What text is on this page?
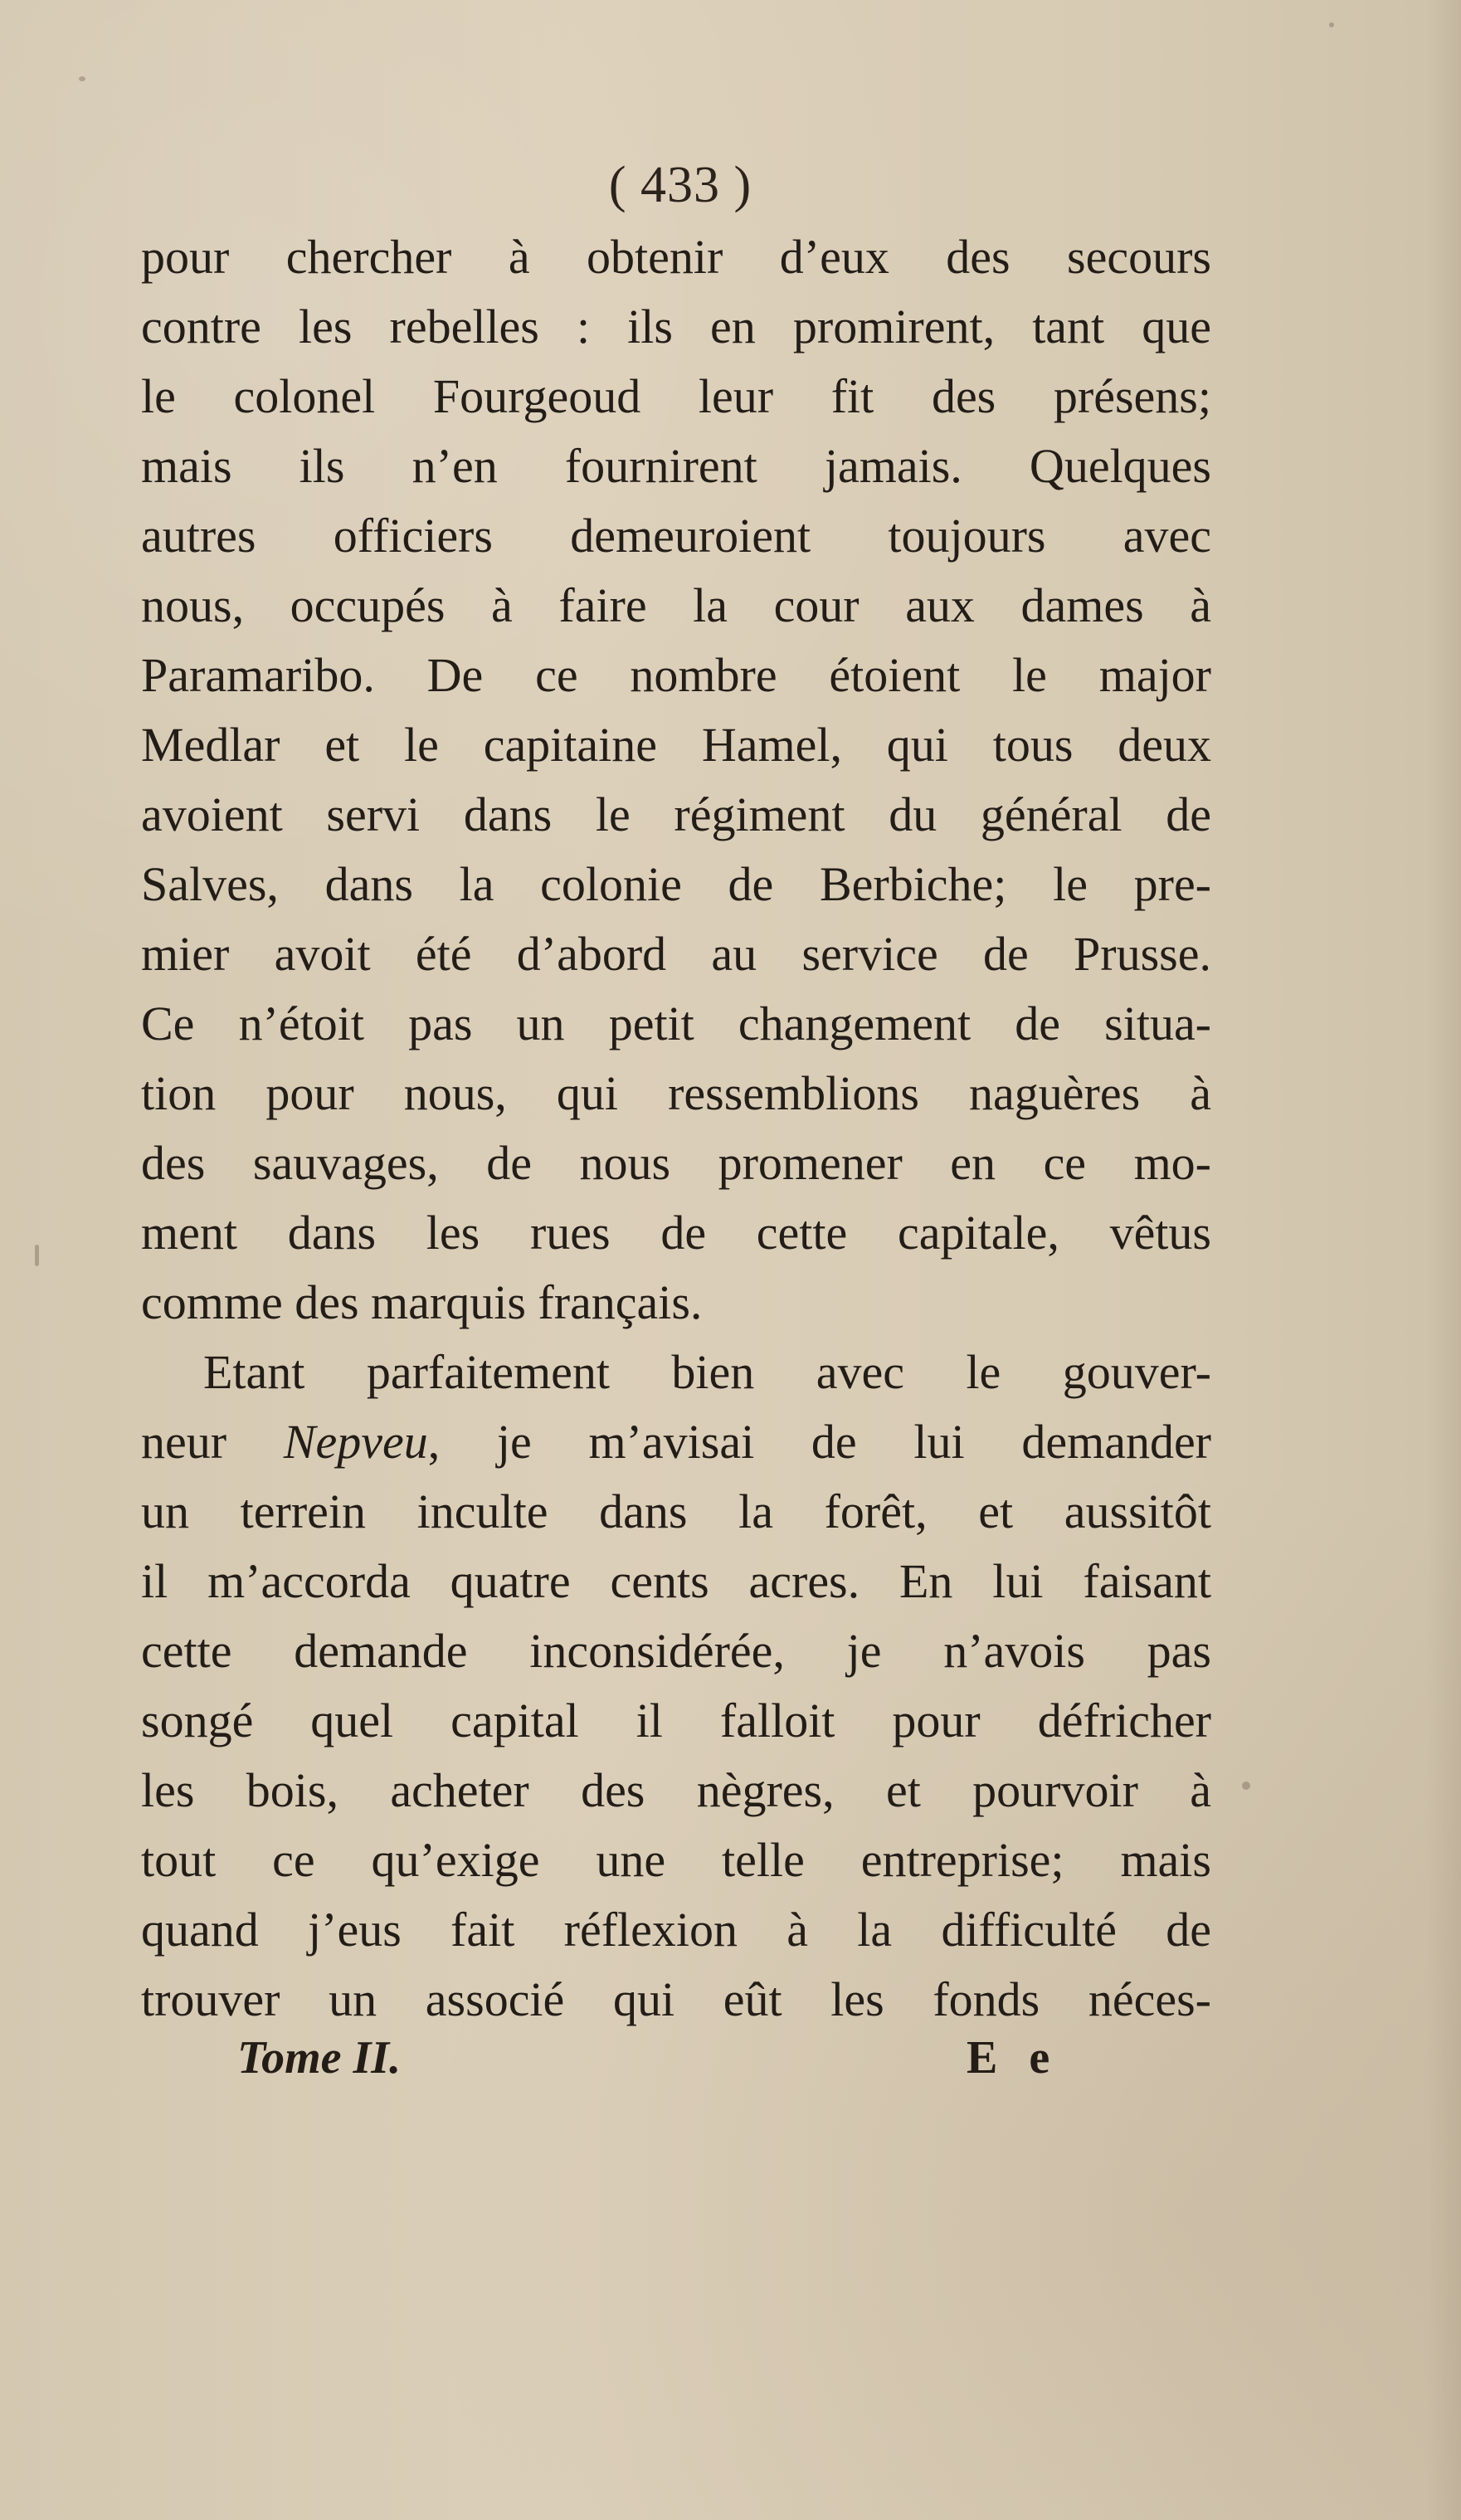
( 433 )
pour chercher à obtenir d’eux des secours
contre les rebelles : ils en promirent, tant que
le colonel Fourgeoud leur fit des présens;
mais ils n’en fournirent jamais. Quelques
autres officiers demeuroient toujours avec
nous, occupés à faire la cour aux dames à
Paramaribo. De ce nombre étoient le major
Medlar et le capitaine Hamel, qui tous deux
avoient servi dans le régiment du général de
Salves, dans la colonie de Berbiche; le pre-
mier avoit été d’abord au service de Prusse.
Ce n’étoit pas un petit changement de situa-
tion pour nous, qui ressemblions naguères à
des sauvages, de nous promener en ce mo-
ment dans les rues de cette capitale, vêtus
comme des marquis français.
Etant parfaitement bien avec le gouver-
neur Nepveu, je m’avisai de lui demander
un terrein inculte dans la forêt, et aussitôt
il m’accorda quatre cents acres. En lui faisant
cette demande inconsidérée, je n’avois pas
songé quel capital il falloit pour défricher
les bois, acheter des nègres, et pourvoir à
tout ce qu’exige une telle entreprise; mais
quand j’eus fait réflexion à la difficulté de
trouver un associé qui eût les fonds néces-
Tome II.	E e
